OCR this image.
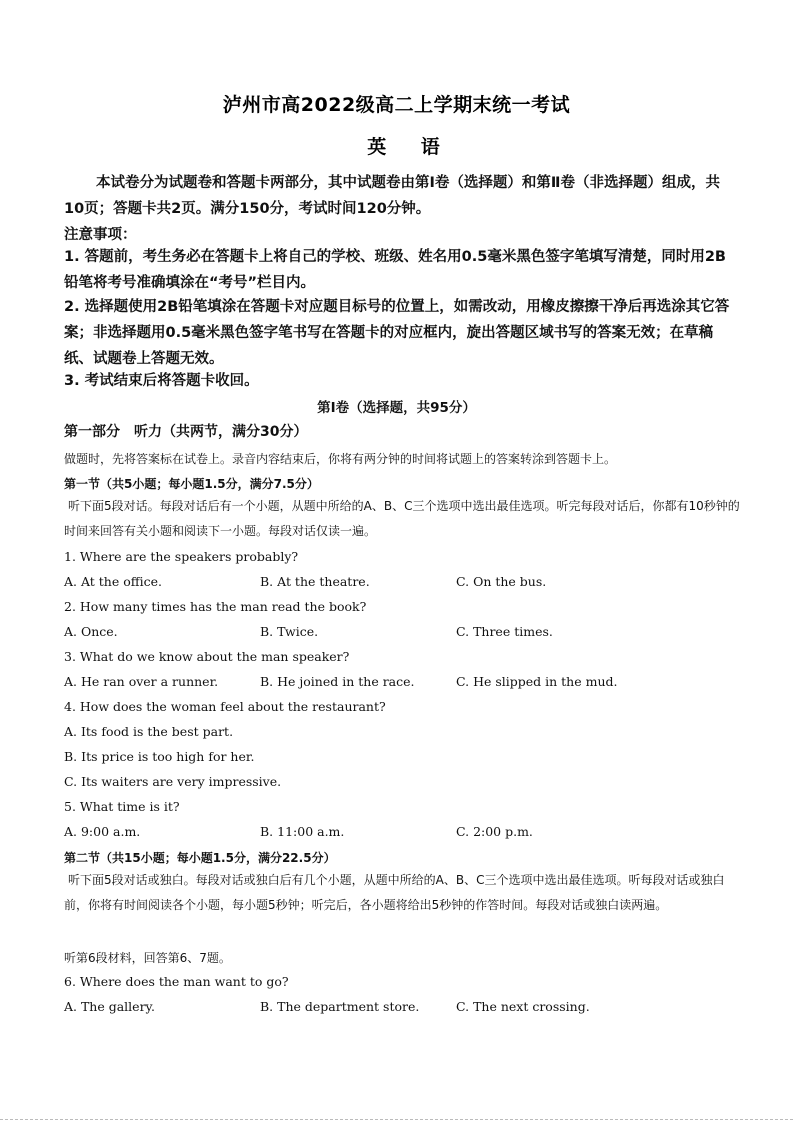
泸州市高2022级高二上学期末统一考试
英 语
本试卷分为试题卷和答题卡两部分，其中试题卷由第Ⅰ卷（选择题）和第Ⅱ卷（非选择题）组成，共10页；答题卡共2页。满分150分，考试时间120分钟。
注意事项：
1. 答题前，考生务必在答题卡上将自己的学校、班级、姓名用0.5毫米黑色签字笔填写清楚，同时用2B铅笔将考号准确填涂在“考号”栏目内。
2. 选择题使用2B铅笔填涂在答题卡对应题目标号的位置上，如需改动，用橡皮擦擦干净后再选涂其它答案；非选择题用0.5毫米黑色签字笔书写在答题卡的对应框内，旋出答题区域书写的答案无效；在草稿纸、试题卷上答题无效。
3. 考试结束后将答题卡收回。
第Ⅰ卷（选择题，共95分）
第一部分　听力（共两节，满分30分）
做题时，先将答案标在试卷上。录音内容结束后，你将有两分钟的时间将试题上的答案转涂到答题卡上。
第一节（共5小题；每小题1.5分，满分7.5分）
听下面5段对话。每段对话后有一个小题，从题中所给的A、B、C三个选项中选出最佳选项。听完每段对话后，你都有10秒钟的时间来回答有关小题和阅读下一小题。每段对话仅读一遍。
1. Where are the speakers probably?
A. At the office.	B. At the theatre.	C. On the bus.
2. How many times has the man read the book?
A. Once.	B. Twice.	C. Three times.
3. What do we know about the man speaker?
A. He ran over a runner.	B. He joined in the race.	C. He slipped in the mud.
4. How does the woman feel about the restaurant?
A. Its food is the best part.
B. Its price is too high for her.
C. Its waiters are very impressive.
5. What time is it?
A. 9:00 a.m.	B. 11:00 a.m.	C. 2:00 p.m.
第二节（共15小题；每小题1.5分，满分22.5分）
听下面5段对话或独白。每段对话或独白后有几个小题，从题中所给的A、B、C三个选项中选出最佳选项。听每段对话或独白前，你将有时间阅读各个小题，每小题5秒钟；听完后，各小题将给出5秒钟的作答时间。每段对话或独白读两遍。
听第6段材料，回答第6、7题。
6. Where does the man want to go?
A. The gallery.	B. The department store.	C. The next crossing.
